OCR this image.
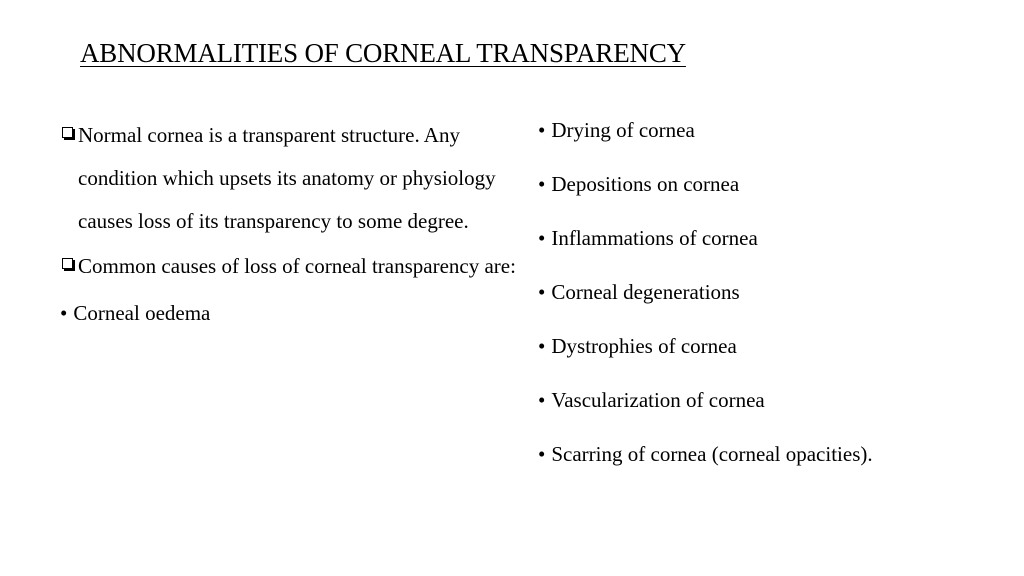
ABNORMALITIES OF CORNEAL TRANSPARENCY
Normal cornea is a transparent structure. Any condition which upsets its anatomy or physiology causes loss of its transparency to some degree.
Common causes of loss of corneal transparency are:
• Corneal oedema
• Drying of cornea
• Depositions on cornea
• Inflammations of cornea
• Corneal degenerations
• Dystrophies of cornea
• Vascularization of cornea
• Scarring of cornea (corneal opacities).
